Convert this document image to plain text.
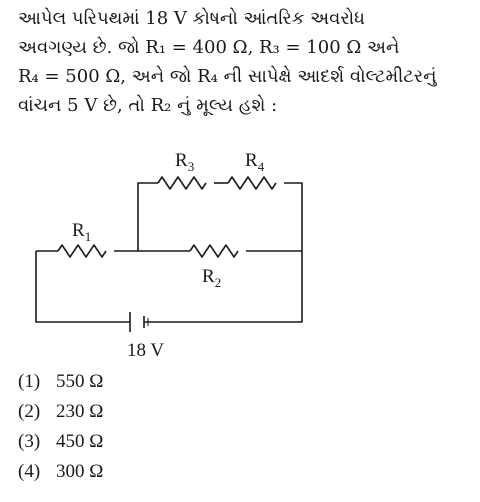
આપેલ પરિપથમાં 18 V કોષનો આંતરિક અવરોધ
અવગણ્ય છે. જો R₁ = 400 Ω, R₃ = 100 Ω અને
R₄ = 500 Ω, અને જો R₄ ની સાપેક્ષે આદર્શ વોલ્ટમીટરનું
વાંચન 5 V છે, તો R₂ નું મૂલ્ય હશે :
$R_1$
$R_2$
$R_3$	$R_4$
18 V
(1) 550 Ω
(2) 230 Ω
(3) 450 Ω
(4) 300 Ω
